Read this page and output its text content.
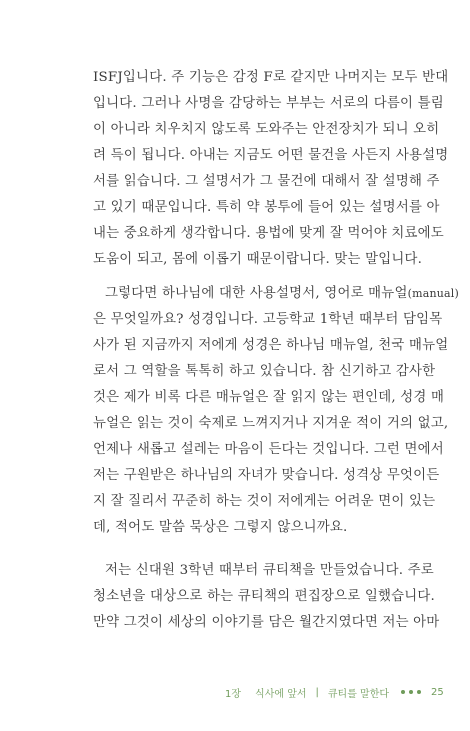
ISFJ입니다. 주 기능은 감정 F로 같지만 나머지는 모두 반대
입니다. 그러나 사명을 감당하는 부부는 서로의 다름이 틀림
이 아니라 치우치지 않도록 도와주는 안전장치가 되니 오히
려 득이 됩니다. 아내는 지금도 어떤 물건을 사든지 사용설명
서를 읽습니다. 그 설명서가 그 물건에 대해서 잘 설명해 주
고 있기 때문입니다. 특히 약 봉투에 들어 있는 설명서를 아
내는 중요하게 생각합니다. 용법에 맞게 잘 먹어야 치료에도
도움이 되고, 몸에 이롭기 때문이랍니다. 맞는 말입니다.
그렇다면 하나님에 대한 사용설명서, 영어로 매뉴얼(manual)
은 무엇일까요? 성경입니다. 고등학교 1학년 때부터 담임목
사가 된 지금까지 저에게 성경은 하나님 매뉴얼, 천국 매뉴얼
로서 그 역할을 톡톡히 하고 있습니다. 참 신기하고 감사한
것은 제가 비록 다른 매뉴얼은 잘 읽지 않는 편인데, 성경 매
뉴얼은 읽는 것이 숙제로 느껴지거나 지겨운 적이 거의 없고,
언제나 새롭고 설레는 마음이 든다는 것입니다. 그런 면에서
저는 구원받은 하나님의 자녀가 맞습니다. 성격상 무엇이든
지 잘 질리서 꾸준히 하는 것이 저에게는 어려운 면이 있는
데, 적어도 말씀 묵상은 그렇지 않으니까요.
저는 신대원 3학년 때부터 큐티책을 만들었습니다. 주로
청소년을 대상으로 하는 큐티책의 편집장으로 일했습니다.
만약 그것이 세상의 이야기를 담은 월간지였다면 저는 아마
1장 식사에 앞서 | 큐티를 말한다	25
